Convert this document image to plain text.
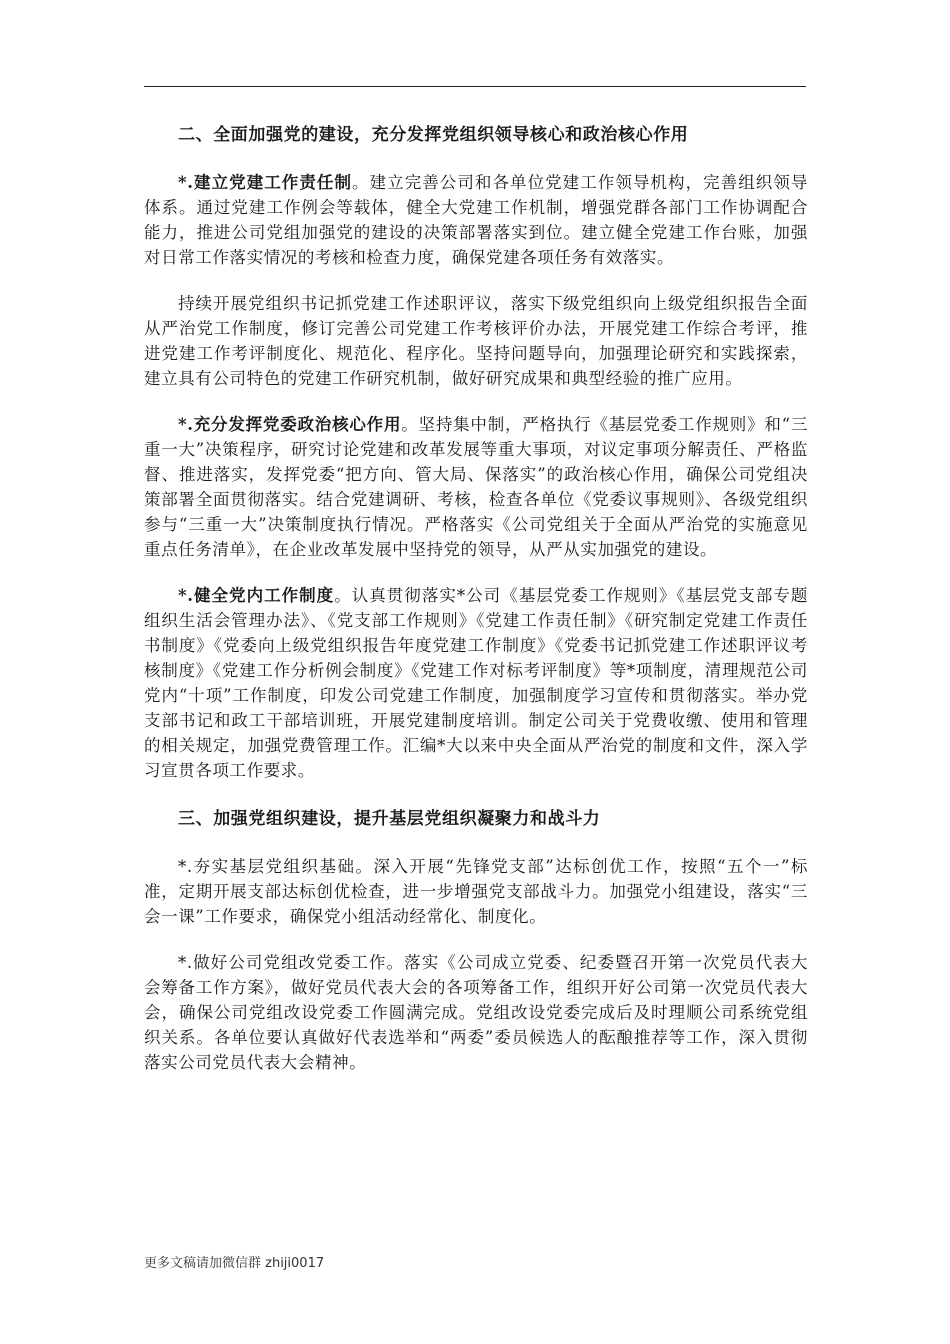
二、全面加强党的建设，充分发挥党组织领导核心和政治核心作用

*.建立党建工作责任制。建立完善公司和各单位党建工作领导机构，完善组织领导体系。通过党建工作例会等载体，健全大党建工作机制，增强党群各部门工作协调配合能力，推进公司党组加强党的建设的决策部署落实到位。建立健全党建工作台账，加强对日常工作落实情况的考核和检查力度，确保党建各项任务有效落实。

持续开展党组织书记抓党建工作述职评议，落实下级党组织向上级党组织报告全面从严治党工作制度，修订完善公司党建工作考核评价办法，开展党建工作综合考评，推进党建工作考评制度化、规范化、程序化。坚持问题导向，加强理论研究和实践探索，建立具有公司特色的党建工作研究机制，做好研究成果和典型经验的推广应用。

*.充分发挥党委政治核心作用。坚持集中制，严格执行《基层党委工作规则》和“三重一大”决策程序，研究讨论党建和改革发展等重大事项，对议定事项分解责任、严格监督、推进落实，发挥党委“把方向、管大局、保落实”的政治核心作用，确保公司党组决策部署全面贯彻落实。结合党建调研、考核，检查各单位《党委议事规则》、各级党组织参与“三重一大”决策制度执行情况。严格落实《公司党组关于全面从严治党的实施意见重点任务清单》，在企业改革发展中坚持党的领导，从严从实加强党的建设。

*.健全党内工作制度。认真贯彻落实*公司《基层党委工作规则》《基层党支部专题组织生活会管理办法》、《党支部工作规则》《党建工作责任制》《研究制定党建工作责任书制度》《党委向上级党组织报告年度党建工作制度》《党委书记抓党建工作述职评议考核制度》《党建工作分析例会制度》《党建工作对标考评制度》等*项制度，清理规范公司党内“十项”工作制度，印发公司党建工作制度，加强制度学习宣传和贯彻落实。举办党支部书记和政工干部培训班，开展党建制度培训。制定公司关于党费收缴、使用和管理的相关规定，加强党费管理工作。汇编*大以来中央全面从严治党的制度和文件，深入学习宣贯各项工作要求。

三、加强党组织建设，提升基层党组织凝聚力和战斗力

*.夯实基层党组织基础。深入开展“先锋党支部”达标创优工作，按照“五个一”标准，定期开展支部达标创优检查，进一步增强党支部战斗力。加强党小组建设，落实“三会一课”工作要求，确保党小组活动经常化、制度化。

*.做好公司党组改党委工作。落实《公司成立党委、纪委暨召开第一次党员代表大会筹备工作方案》，做好党员代表大会的各项筹备工作，组织开好公司第一次党员代表大会，确保公司党组改设党委工作圆满完成。党组改设党委完成后及时理顺公司系统党组织关系。各单位要认真做好代表选举和“两委”委员候选人的酝酿推荐等工作，深入贯彻落实公司党员代表大会精神。

更多文稿请加微信群 zhiji0017
